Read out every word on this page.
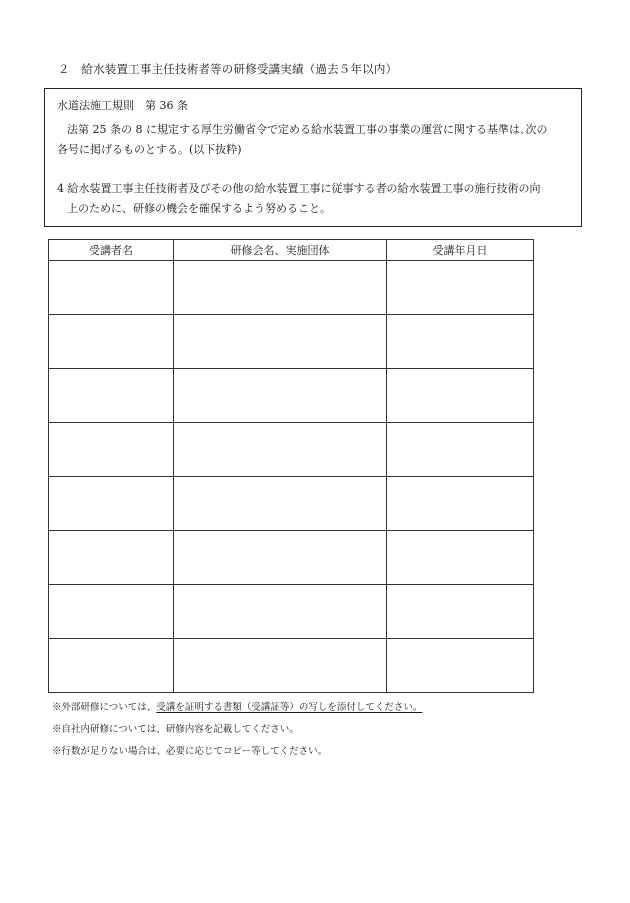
２　給水装置工事主任技術者等の研修受講実績（過去５年以内）
水道法施工規則　第 36 条
法第 25 条の 8 に規定する厚生労働省令で定める給水装置工事の事業の運営に関する基準は､次の
各号に掲げるものとする。(以下抜粋)
4 給水装置工事主任技術者及びその他の給水装置工事に従事する者の給水装置工事の施行技術の向
上のために、研修の機会を確保するよう努めること。
受講者名	研修会名、実施団体	受講年月日

※外部研修については、受講を証明する書類（受講証等）の写しを添付してください。
※自社内研修については、研修内容を記載してください。
※行数が足りない場合は、必要に応じてコピー等してください。
